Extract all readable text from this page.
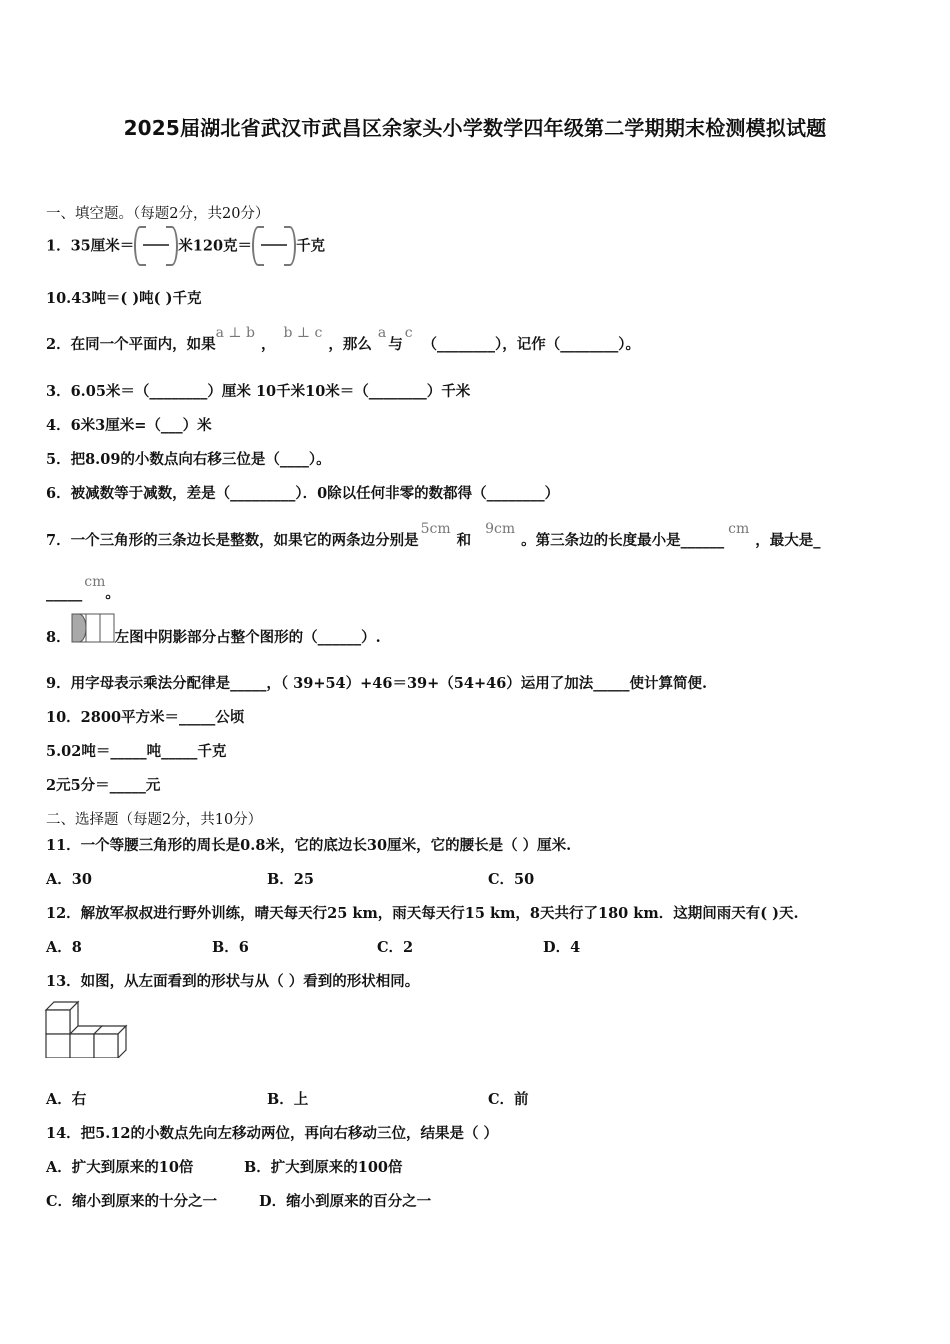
2025届湖北省武汉市武昌区余家头小学数学四年级第二学期期末检测模拟试题
一、填空题。（每题2分，共20分）
1．35厘米＝	米120克＝	千克
10.43吨＝( )吨( )千克
2．在同一个平面内，如果a ⊥ b，b ⊥ c，那么a与c（________），记作（________）。
3．6.05米＝（________）厘米 10千米10米＝（________）千米
4．6米3厘米=（___）米
5．把8.09的小数点向右移三位是（____）。
6．被减数等于减数，差是（_________）．0除以任何非零的数都得（________）
7．一个三角形的三条边长是整数，如果它的两条边分别是5cm和9cm。第三条边的长度最小是______cm，最大是_
_____cm。
8．	左图中阴影部分占整个图形的（______）.
9．用字母表示乘法分配律是_____，（ 39+54）+46＝39+（54+46）运用了加法_____使计算简便.
10．2800平方米＝_____公顷
5.02吨＝_____吨_____千克
2元5分＝_____元
二、选择题（每题2分，共10分）
11．一个等腰三角形的周长是0.8米，它的底边长30厘米，它的腰长是（ ）厘米.
A．30	B．25	C．50
12．解放军叔叔进行野外训练，晴天每天行25 km，雨天每天行15 km，8天共行了180 km．这期间雨天有( )天.
A．8	B．6	C．2	D．4
13．如图，从左面看到的形状与从（ ）看到的形状相同。
A．右	B．上	C．前
14．把5.12的小数点先向左移动两位，再向右移动三位，结果是（ ）
A．扩大到原来的10倍	B．扩大到原来的100倍
C．缩小到原来的十分之一	D．缩小到原来的百分之一
